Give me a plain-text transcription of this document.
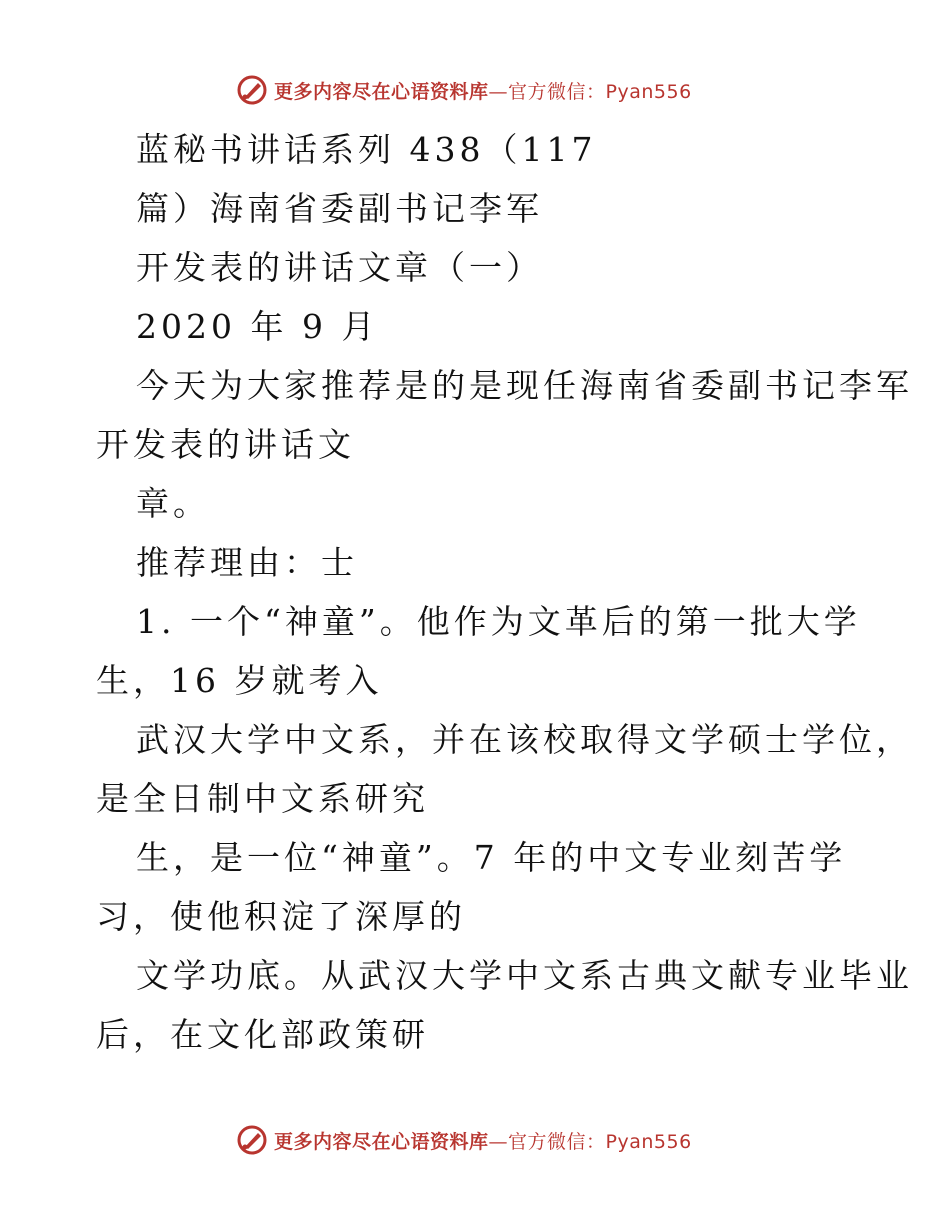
更多内容尽在心语资料库—官方微信：Pyan556
蓝秘书讲话系列 438（117
篇）海南省委副书记李军
开发表的讲话文章（一）
2020 年 9 月
今天为大家推荐是的是现任海南省委副书记李军
开发表的讲话文
章。
推荐理由：士
1. 一个“神童”。他作为文革后的第一批大学
生，16 岁就考入
武汉大学中文系，并在该校取得文学硕士学位，
是全日制中文系研究
生，是一位“神童”。7 年的中文专业刻苦学
习，使他积淀了深厚的
文学功底。从武汉大学中文系古典文献专业毕业
后，在文化部政策研
更多内容尽在心语资料库—官方微信：Pyan556
